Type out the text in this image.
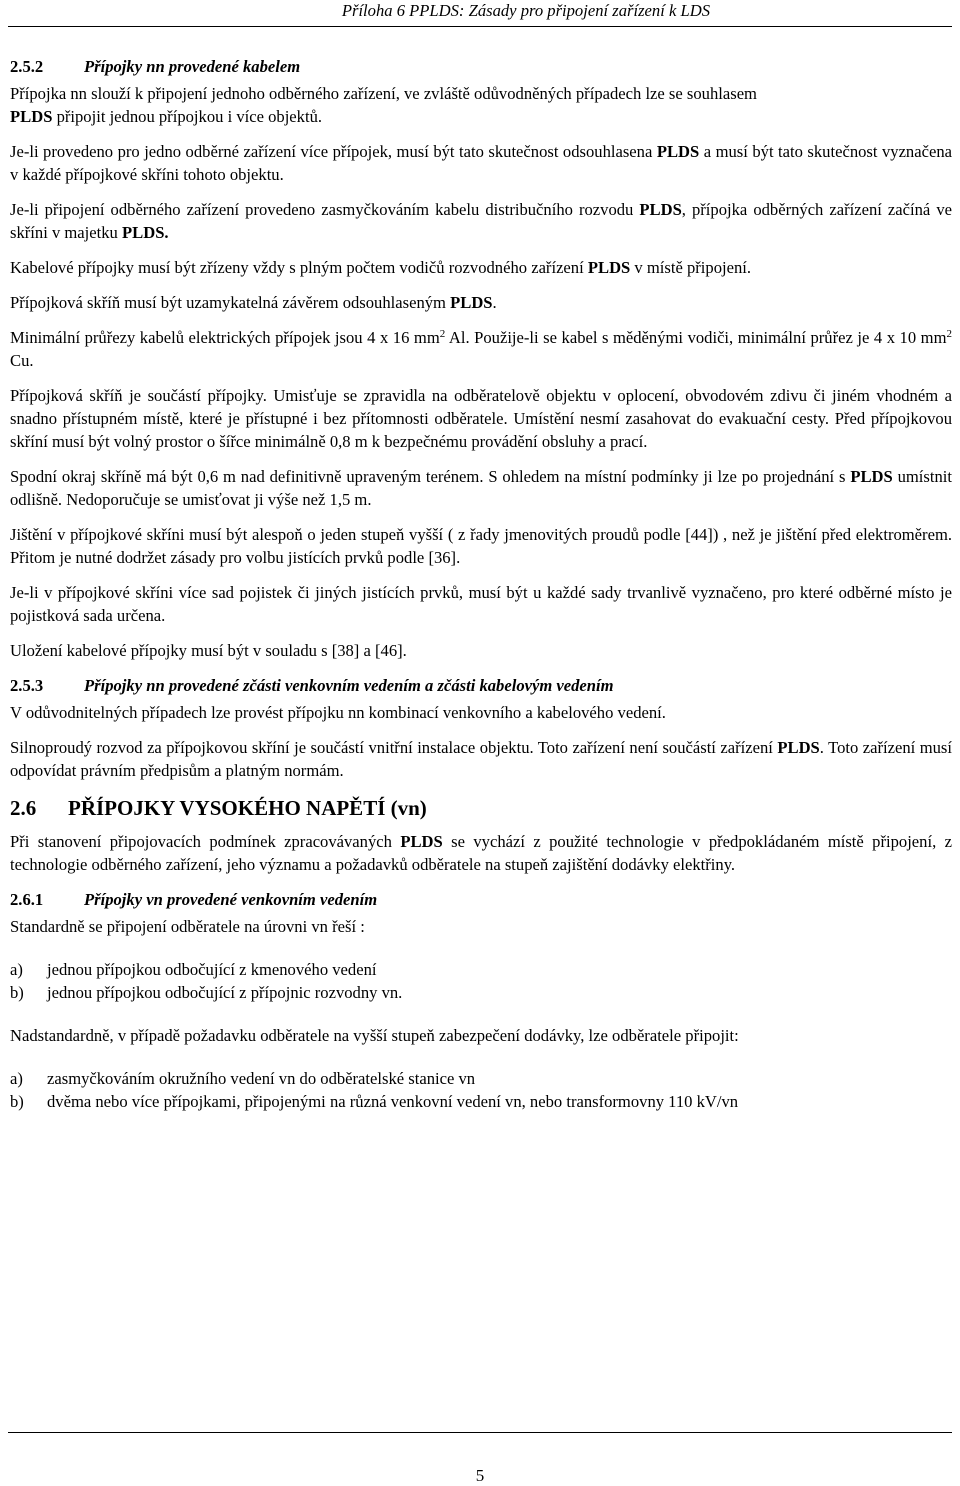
Příloha 6 PPLDS: Zásady pro připojení zařízení k LDS
2.5.2 Přípojky nn provedené kabelem

Přípojka nn slouží k připojení jednoho odběrného zařízení, ve zvláště odůvodněných případech lze se souhlasem
PLDS připojit jednou přípojkou i více objektů.

Je-li provedeno pro jedno odběrné zařízení více přípojek, musí být tato skutečnost odsouhlasena PLDS a musí být tato skutečnost vyznačena v každé přípojkové skříni tohoto objektu.

Je-li připojení odběrného zařízení provedeno zasmyčkováním kabelu distribučního rozvodu PLDS, přípojka odběrných zařízení začíná ve skříni v majetku PLDS.

Kabelové přípojky musí být zřízeny vždy s plným počtem vodičů rozvodného zařízení PLDS v místě připojení.

Přípojková skříň musí být uzamykatelná závěrem odsouhlaseným PLDS.

Minimální průřezy kabelů elektrických přípojek jsou 4 x 16 $mm^2$ Al. Použije-li se kabel s měděnými vodiči, minimální průřez je 4 x 10 $mm^2$ Cu.

Přípojková skříň je součástí přípojky. Umisťuje se zpravidla na odběratelově objektu v oplocení, obvodovém zdivu či jiném vhodném a snadno přístupném místě, které je přístupné i bez přítomnosti odběratele. Umístění nesmí zasahovat do evakuační cesty. Před přípojkovou skříní musí být volný prostor o šířce minimálně 0,8 m k bezpečnému provádění obsluhy a prací.

Spodní okraj skříně má být 0,6 m nad definitivně upraveným terénem. S ohledem na místní podmínky ji lze po projednání s PLDS umístnit odlišně. Nedoporučuje se umisťovat ji výše než 1,5 m.

Jištění v přípojkové skříni musí být alespoň o jeden stupeň vyšší ( z řady jmenovitých proudů podle [44]) , než je jištění před elektroměrem. Přitom je nutné dodržet zásady pro volbu jistících prvků podle [36].

Je-li v přípojkové skříni více sad pojistek či jiných jistících prvků, musí být u každé sady trvanlivě vyznačeno, pro které odběrné místo je pojistková sada určena.

Uložení kabelové přípojky musí být v souladu s [38] a [46].

2.5.3 Přípojky nn provedené zčásti venkovním vedením a zčásti kabelovým vedením

V odůvodnitelných případech lze provést přípojku nn kombinací venkovního a kabelového vedení.

Silnoproudý rozvod za přípojkovou skříní je součástí vnitřní instalace objektu. Toto zařízení není součástí zařízení PLDS. Toto zařízení musí odpovídat právním předpisům a platným normám.

2.6 PŘÍPOJKY VYSOKÉHO NAPĚTÍ (vn)

Při stanovení připojovacích podmínek zpracovávaných PLDS se vychází z použité technologie v předpokládaném místě připojení, z technologie odběrného zařízení, jeho významu a požadavků odběratele na stupeň zajištění dodávky elektřiny.

2.6.1 Přípojky vn provedené venkovním vedením

Standardně se připojení odběratele na úrovni vn řeší :

a)	jednou přípojkou odbočující z kmenového vedení
b)	jednou přípojkou odbočující z přípojnic rozvodny vn.

Nadstandardně, v případě požadavku odběratele na vyšší stupeň zabezpečení dodávky, lze odběratele připojit:

a)	zasmyčkováním okružního vedení vn do odběratelské stanice vn
b)	dvěma nebo více přípojkami, připojenými na různá venkovní vedení vn, nebo transformovny 110 kV/vn
5
